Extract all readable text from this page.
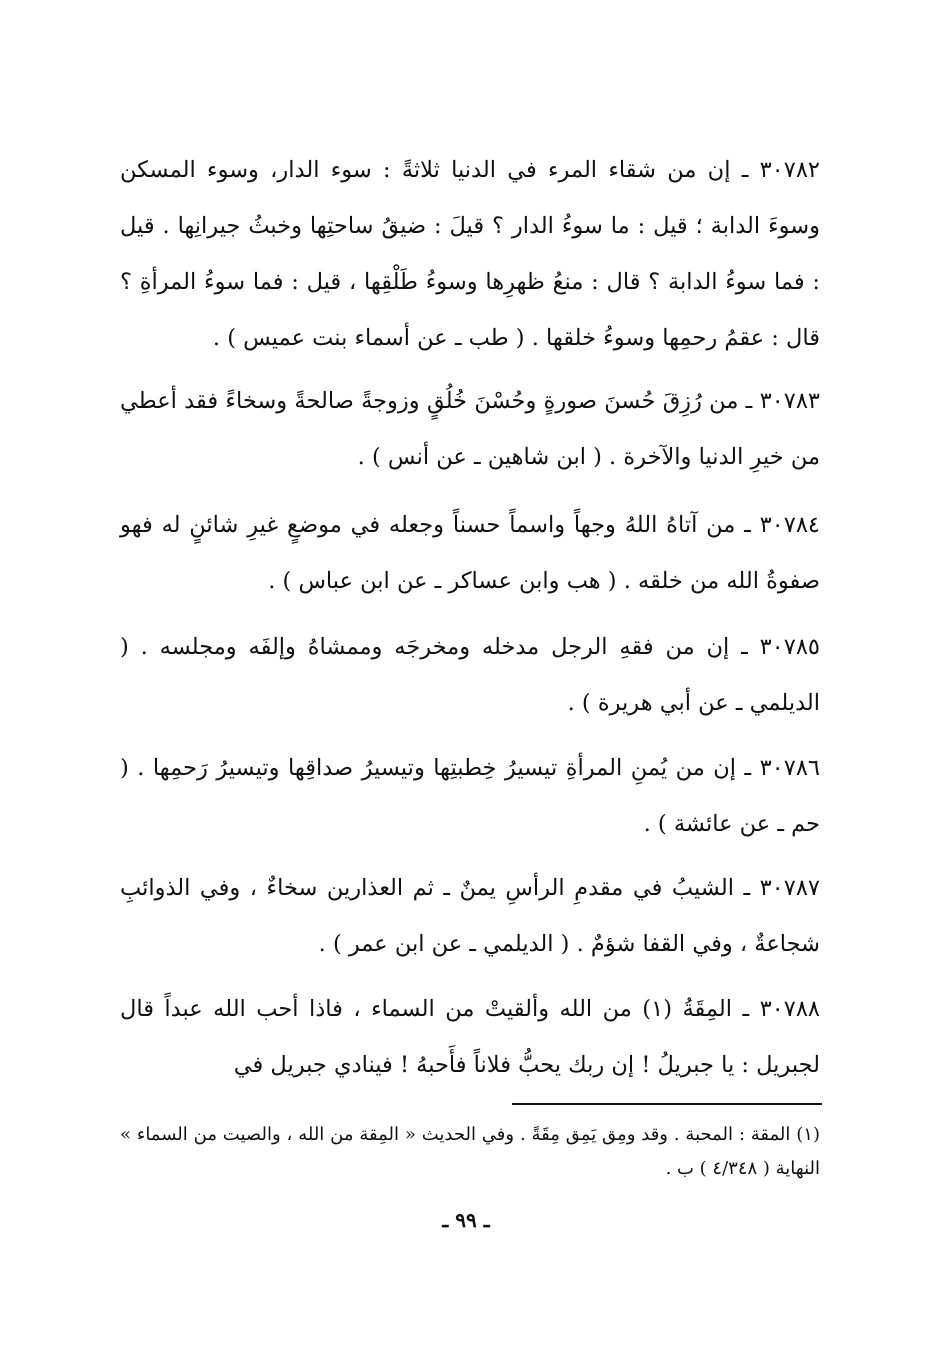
٣٠٧٨٢ ـ إن من شقاء المرء في الدنيا ثلاثةً : سوء الدار، وسوء المسكن وسوءَ الدابة ؛ قيل : ما سوءُ الدار ؟ قيلَ : ضيقُ ساحتِها وخبثُ جيرانِها . قيل : فما سوءُ الدابة ؟ قال : منعُ ظهرِها وسوءُ طَلْقِها ، قيل : فما سوءُ المرأةِ ؟ قال : عقمُ رحمِها وسوءُ خلقها . ( طب ـ عن أسماء بنت عميس ) .
٣٠٧٨٣ ـ من رُزِقَ حُسنَ صورةٍ وحُسْنَ خُلُقٍ وزوجةً صالحةً وسخاءً فقد أعطي من خيرِ الدنيا والآخرة . ( ابن شاهين ـ عن أنس ) .
٣٠٧٨٤ ـ من آتاهُ اللهُ وجهاً واسماً حسناً وجعله في موضعٍ غيرِ شائنٍ له فهو صفوةُ الله من خلقه . ( هب وابن عساكر ـ عن ابن عباس ) .
٣٠٧٨٥ ـ إن من فقهِ الرجل مدخله ومخرجَه وممشاهُ وإلفَه ومجلسه . ( الديلمي ـ عن أبي هريرة ) .
٣٠٧٨٦ ـ إن من يُمنِ المرأةِ تيسيرُ خِطبتِها وتيسيرُ صداقِها وتيسيرُ رَحمِها . ( حم ـ عن عائشة ) .
٣٠٧٨٧ ـ الشيبُ في مقدمِ الرأسِ يمنٌ ـ ثم العذارين سخاءٌ ، وفي الذوائبِ شجاعةٌ ، وفي القفا شؤمٌ . ( الديلمي ـ عن ابن عمر ) .
٣٠٧٨٨ ـ المِقَةُ (١) من الله وألقيتْ من السماء ، فاذا أحب الله عبداً قال لجبريل : يا جبريلُ ! إن ربك يحبُّ فلاناً فأَحبهُ ! فينادي جبريل في
(١) المقة : المحبة . وقد ومِق يَمِق مِقَةً . وفي الحديث « المِقة من الله ، والصيت من السماء » النهاية ( ٤/٣٤٨ ) ب .
ـ ٩٩ ـ
